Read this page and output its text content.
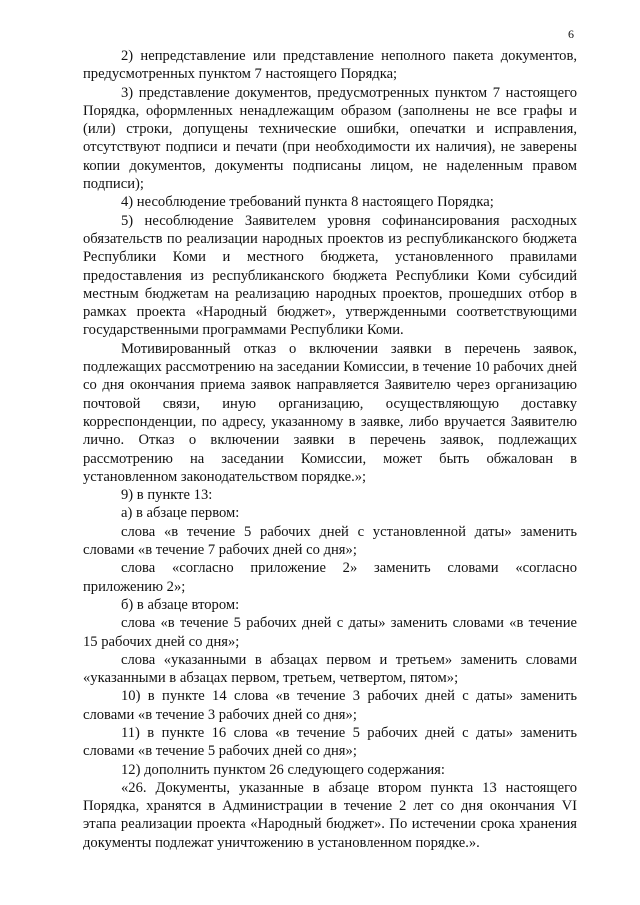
6

2) непредставление или представление неполного пакета документов, предусмотренных пунктом 7 настоящего Порядка;

3) представление документов, предусмотренных пунктом 7 настоящего Порядка, оформленных ненадлежащим образом (заполнены не все графы и (или) строки, допущены технические ошибки, опечатки и исправления, отсутствуют подписи и печати (при необходимости их наличия), не заверены копии документов, документы подписаны лицом, не наделенным правом подписи);

4) несоблюдение требований пункта 8 настоящего Порядка;

5) несоблюдение Заявителем уровня софинансирования расходных обязательств по реализации народных проектов из республиканского бюджета Республики Коми и местного бюджета, установленного правилами предоставления из республиканского бюджета Республики Коми субсидий местным бюджетам на реализацию народных проектов, прошедших отбор в рамках проекта «Народный бюджет», утвержденными соответствующими государственными программами Республики Коми.

Мотивированный отказ о включении заявки в перечень заявок, подлежащих рассмотрению на заседании Комиссии, в течение 10 рабочих дней со дня окончания приема заявок направляется Заявителю через организацию почтовой связи, иную организацию, осуществляющую доставку корреспонденции, по адресу, указанному в заявке, либо вручается Заявителю лично. Отказ о включении заявки в перечень заявок, подлежащих рассмотрению на заседании Комиссии, может быть обжалован в установленном законодательством порядке.»;

9) в пункте 13:

а) в абзаце первом:

слова «в течение 5 рабочих дней с установленной даты» заменить словами «в течение 7 рабочих дней со дня»;

слова «согласно приложение 2» заменить словами «согласно приложению 2»;

б) в абзаце втором:

слова «в течение 5 рабочих дней с даты» заменить словами «в течение 15 рабочих дней со дня»;

слова «указанными в абзацах первом и третьем» заменить словами «указанными в абзацах первом, третьем, четвертом, пятом»;

10) в пункте 14 слова «в течение 3 рабочих дней с даты» заменить словами «в течение 3 рабочих дней со дня»;

11) в пункте 16 слова «в течение 5 рабочих дней с даты» заменить словами «в течение 5 рабочих дней со дня»;

12) дополнить пунктом 26 следующего содержания:

«26. Документы, указанные в абзаце втором пункта 13 настоящего Порядка, хранятся в Администрации в течение 2 лет со дня окончания VI этапа реализации проекта «Народный бюджет». По истечении срока хранения документы подлежат уничтожению в установленном порядке.».
